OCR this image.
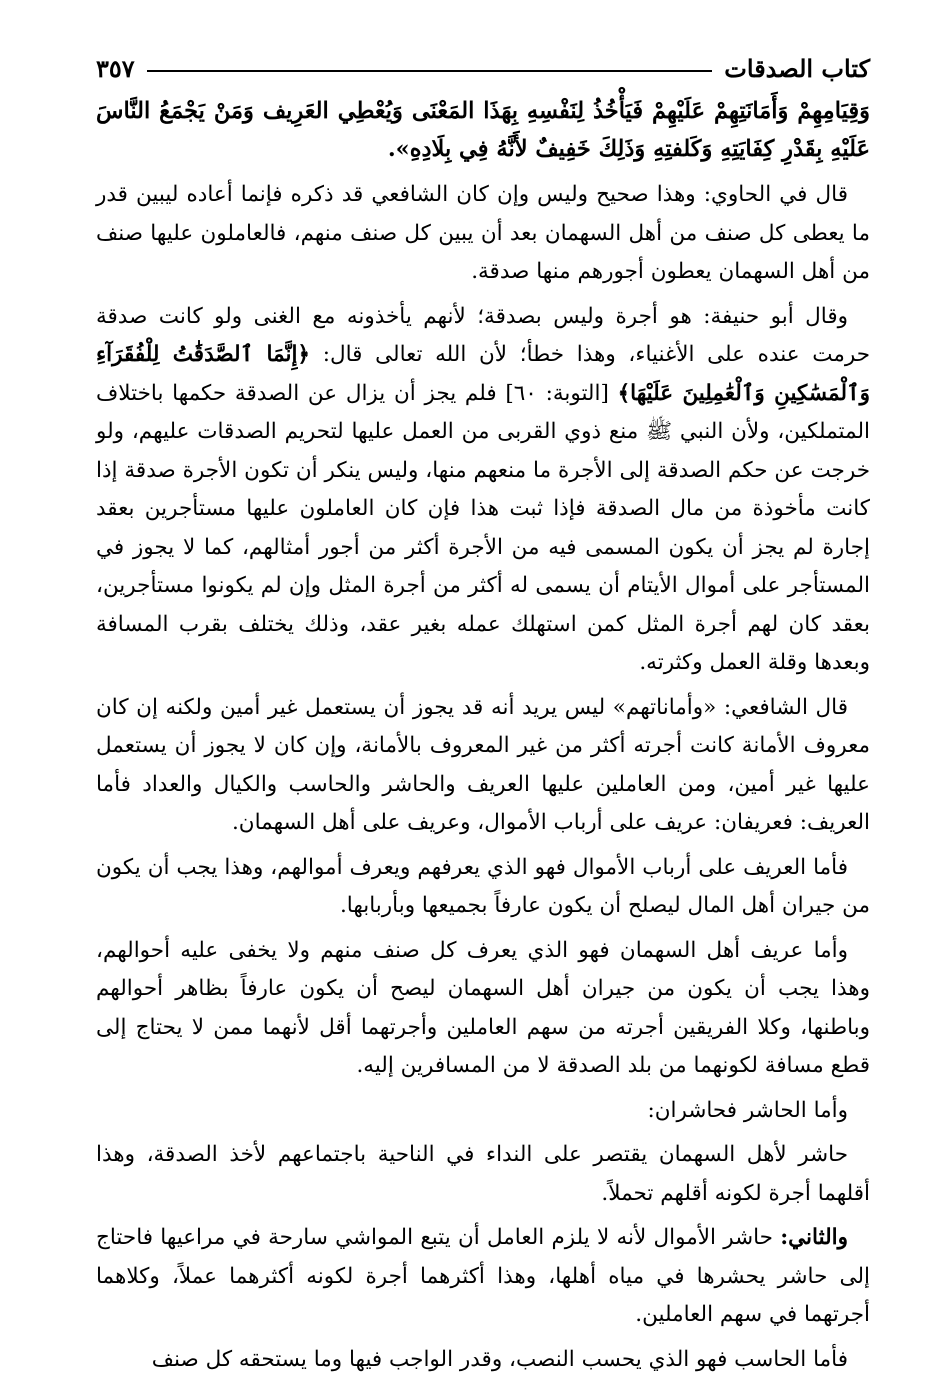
كتاب الصدقات
٣٥٧

وَقِيَامِهِمْ وَأَمَانَتِهِمْ عَلَيْهِمْ فَيَأْخُذُ لِنَفْسِهِ بِهَذَا المَعْنَى وَيُعْطِي العَرِيف وَمَنْ يَجْمَعُ النَّاسَ عَلَيْهِ بِقَدْرِ كِفَايَتِهِ وَكَلفتِهِ وَذَلِكَ خَفِيفٌ لأَنَّهُ فِي بِلَادِهِ».

قال في الحاوي: وهذا صحيح وليس وإن كان الشافعي قد ذكره فإنما أعاده ليبين قدر ما يعطى كل صنف من أهل السهمان بعد أن يبين كل صنف منهم، فالعاملون عليها صنف من أهل السهمان يعطون أجورهم منها صدقة.

وقال أبو حنيفة: هو أجرة وليس بصدقة؛ لأنهم يأخذونه مع الغنى ولو كانت صدقة حرمت عنده على الأغنياء، وهذا خطأ؛ لأن الله تعالى قال: ﴿إِنَّمَا ٱلصَّدَقَٰتُ لِلْفُقَرَآءِ وَٱلْمَسَٰكِينِ وَٱلْعَٰمِلِينَ عَلَيْهَا﴾ [التوبة: ٦٠] فلم يجز أن يزال عن الصدقة حكمها باختلاف المتملكين، ولأن النبي ﷺ منع ذوي القربى من العمل عليها لتحريم الصدقات عليهم، ولو خرجت عن حكم الصدقة إلى الأجرة ما منعهم منها، وليس ينكر أن تكون الأجرة صدقة إذا كانت مأخوذة من مال الصدقة فإذا ثبت هذا فإن كان العاملون عليها مستأجرين بعقد إجارة لم يجز أن يكون المسمى فيه من الأجرة أكثر من أجور أمثالهم، كما لا يجوز في المستأجر على أموال الأيتام أن يسمى له أكثر من أجرة المثل وإن لم يكونوا مستأجرين، بعقد كان لهم أجرة المثل كمن استهلك عمله بغير عقد، وذلك يختلف بقرب المسافة وبعدها وقلة العمل وكثرته.

قال الشافعي: «وأماناتهم» ليس يريد أنه قد يجوز أن يستعمل غير أمين ولكنه إن كان معروف الأمانة كانت أجرته أكثر من غير المعروف بالأمانة، وإن كان لا يجوز أن يستعمل عليها غير أمين، ومن العاملين عليها العريف والحاشر والحاسب والكيال والعداد فأما العريف: فعريفان: عريف على أرباب الأموال، وعريف على أهل السهمان.

فأما العريف على أرباب الأموال فهو الذي يعرفهم ويعرف أموالهم، وهذا يجب أن يكون من جيران أهل المال ليصلح أن يكون عارفاً بجميعها وبأربابها.

وأما عريف أهل السهمان فهو الذي يعرف كل صنف منهم ولا يخفى عليه أحوالهم، وهذا يجب أن يكون من جيران أهل السهمان ليصح أن يكون عارفاً بظاهر أحوالهم وباطنها، وكلا الفريقين أجرته من سهم العاملين وأجرتهما أقل لأنهما ممن لا يحتاج إلى قطع مسافة لكونهما من بلد الصدقة لا من المسافرين إليه.

وأما الحاشر فحاشران:

حاشر لأهل السهمان يقتصر على النداء في الناحية باجتماعهم لأخذ الصدقة، وهذا أقلهما أجرة لكونه أقلهم تحملاً.

والثاني: حاشر الأموال لأنه لا يلزم العامل أن يتبع المواشي سارحة في مراعيها فاحتاج إلى حاشر يحشرها في مياه أهلها، وهذا أكثرهما أجرة لكونه أكثرهما عملاً، وكلاهما أجرتهما في سهم العاملين.

فأما الحاسب فهو الذي يحسب النصب، وقدر الواجب فيها وما يستحقه كل صنف
